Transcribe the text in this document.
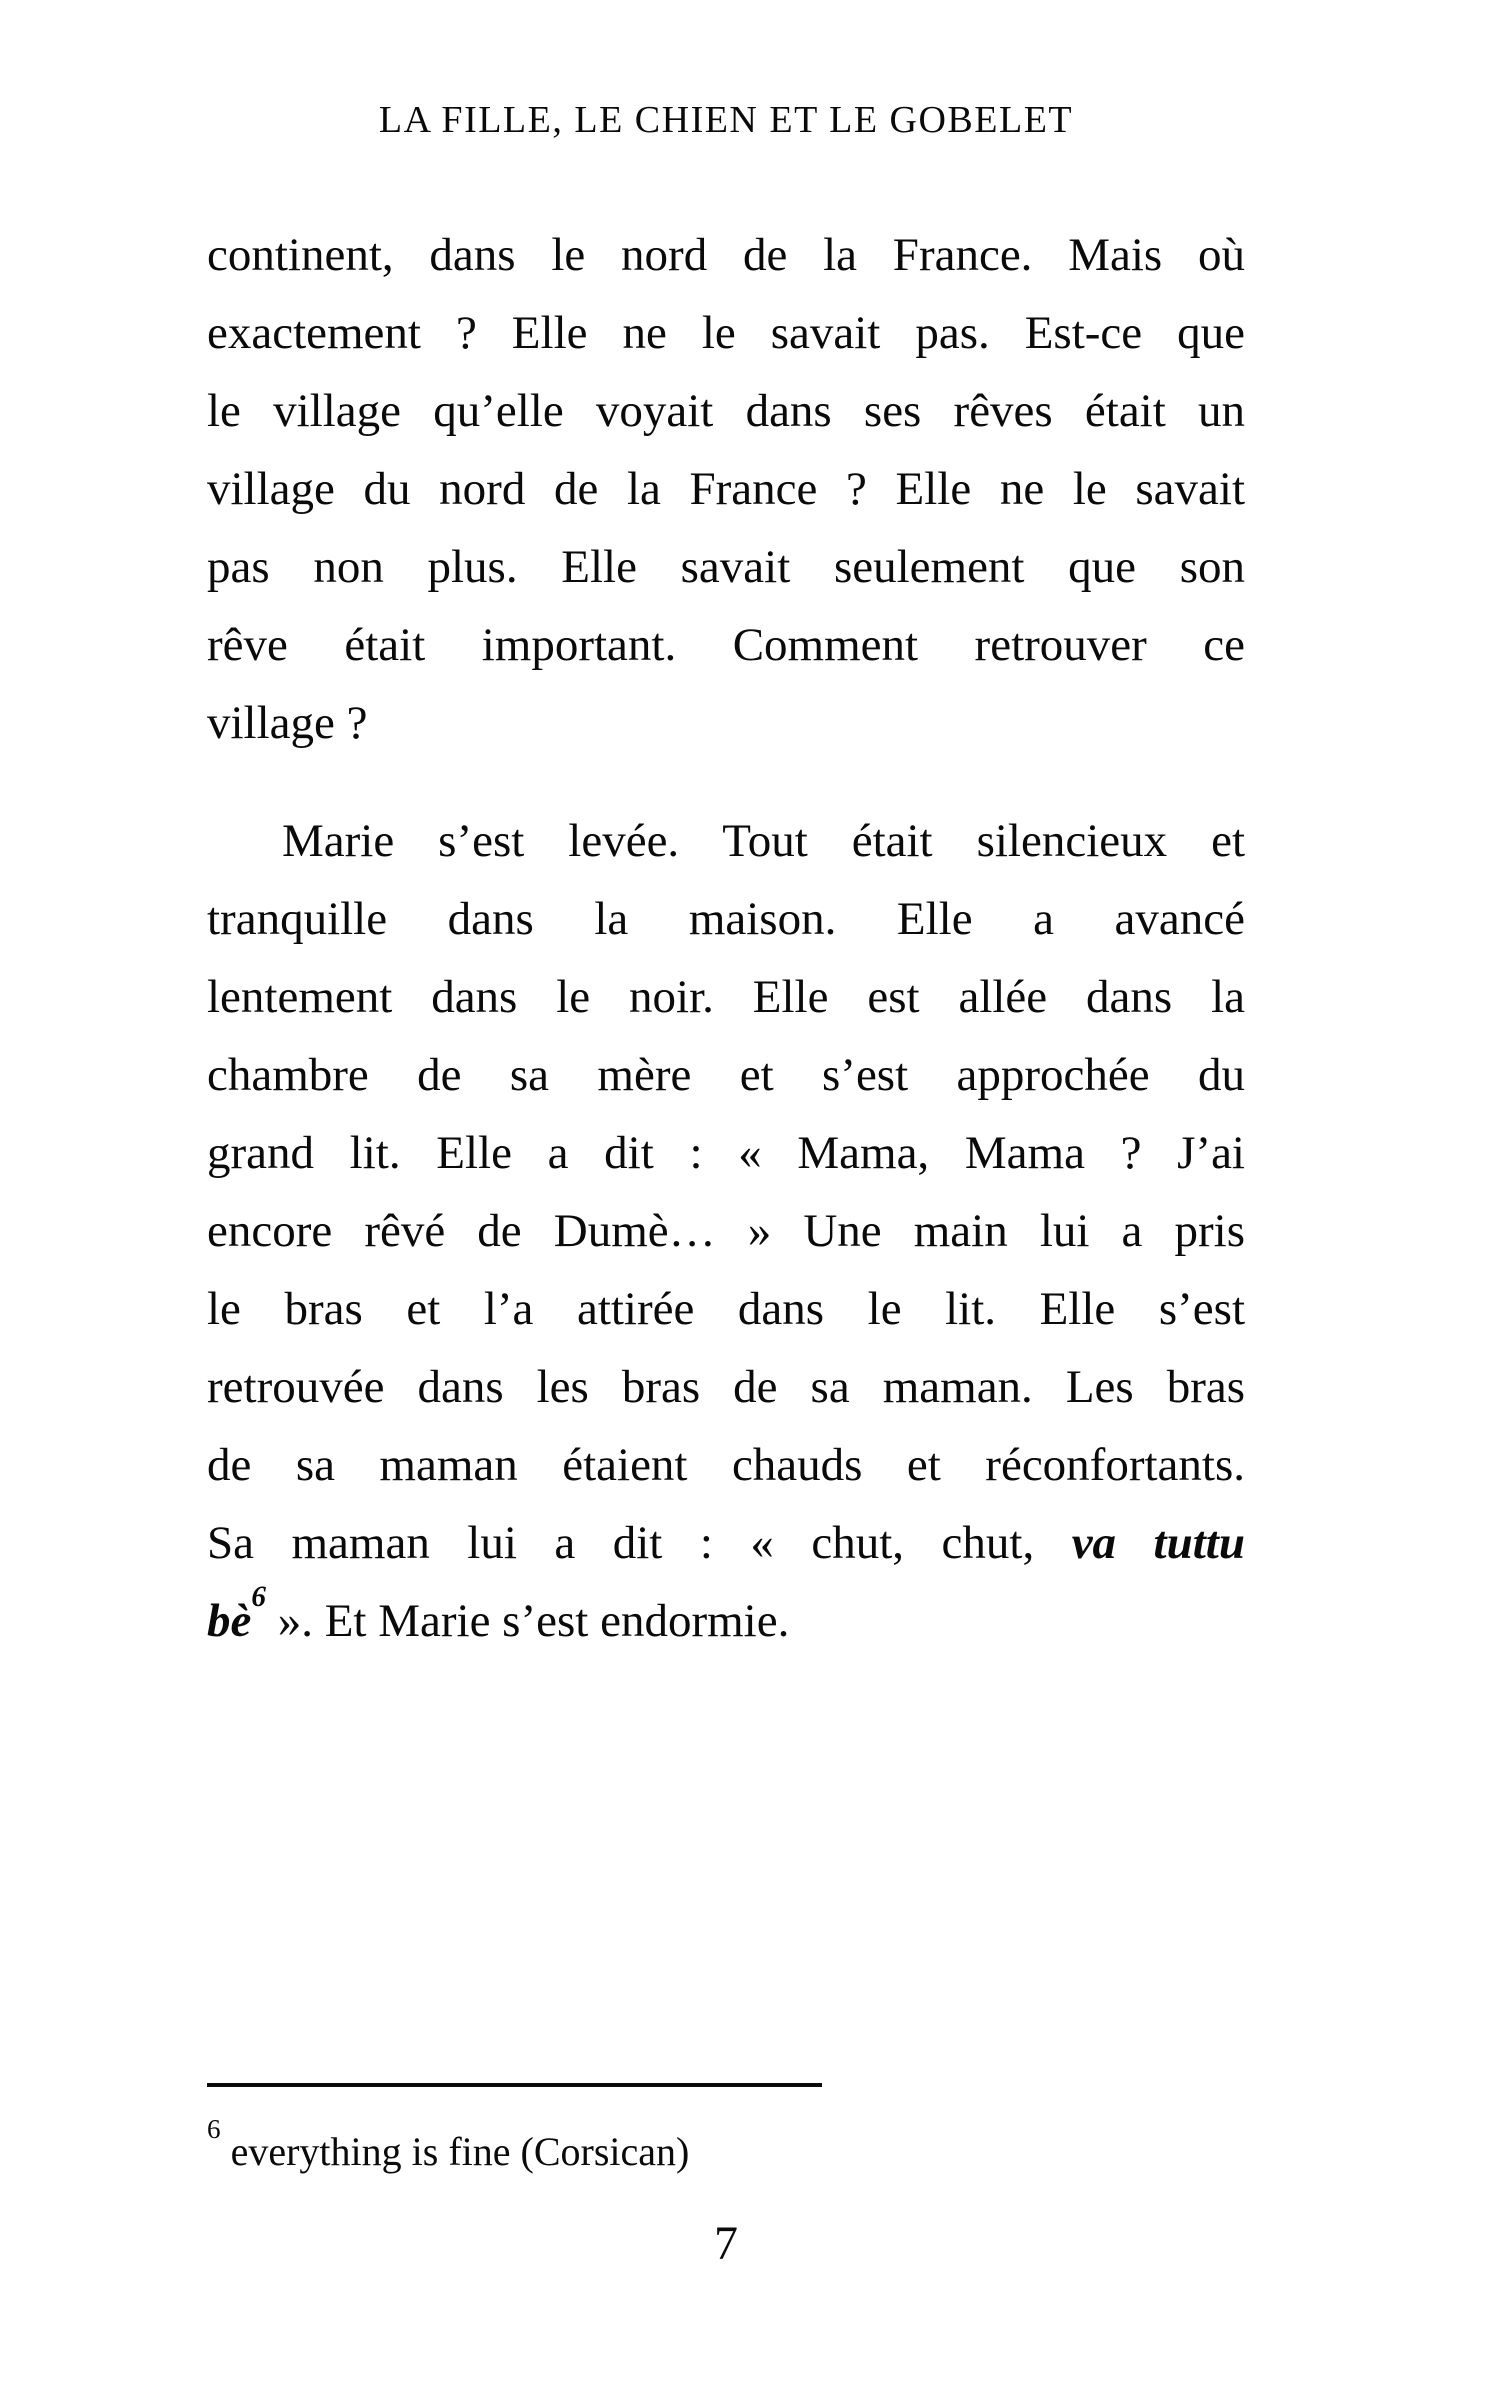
LA FILLE, LE CHIEN ET LE GOBELET
continent, dans le nord de la France. Mais où
exactement ? Elle ne le savait pas. Est-ce que
le village qu’elle voyait dans ses rêves était un
village du nord de la France ? Elle ne le savait
pas non plus. Elle savait seulement que son
rêve était important. Comment retrouver ce
village ?
Marie s’est levée. Tout était silencieux et
tranquille dans la maison. Elle a avancé
lentement dans le noir. Elle est allée dans la
chambre de sa mère et s’est approchée du
grand lit. Elle a dit : « Mama, Mama ? J’ai
encore rêvé de Dumè… » Une main lui a pris
le bras et l’a attirée dans le lit. Elle s’est
retrouvée dans les bras de sa maman. Les bras
de sa maman étaient chauds et réconfortants.
Sa maman lui a dit : « chut, chut, va tuttu
bè$^6$ ». Et Marie s’est endormie.
$^6$ everything is fine (Corsican)
7
